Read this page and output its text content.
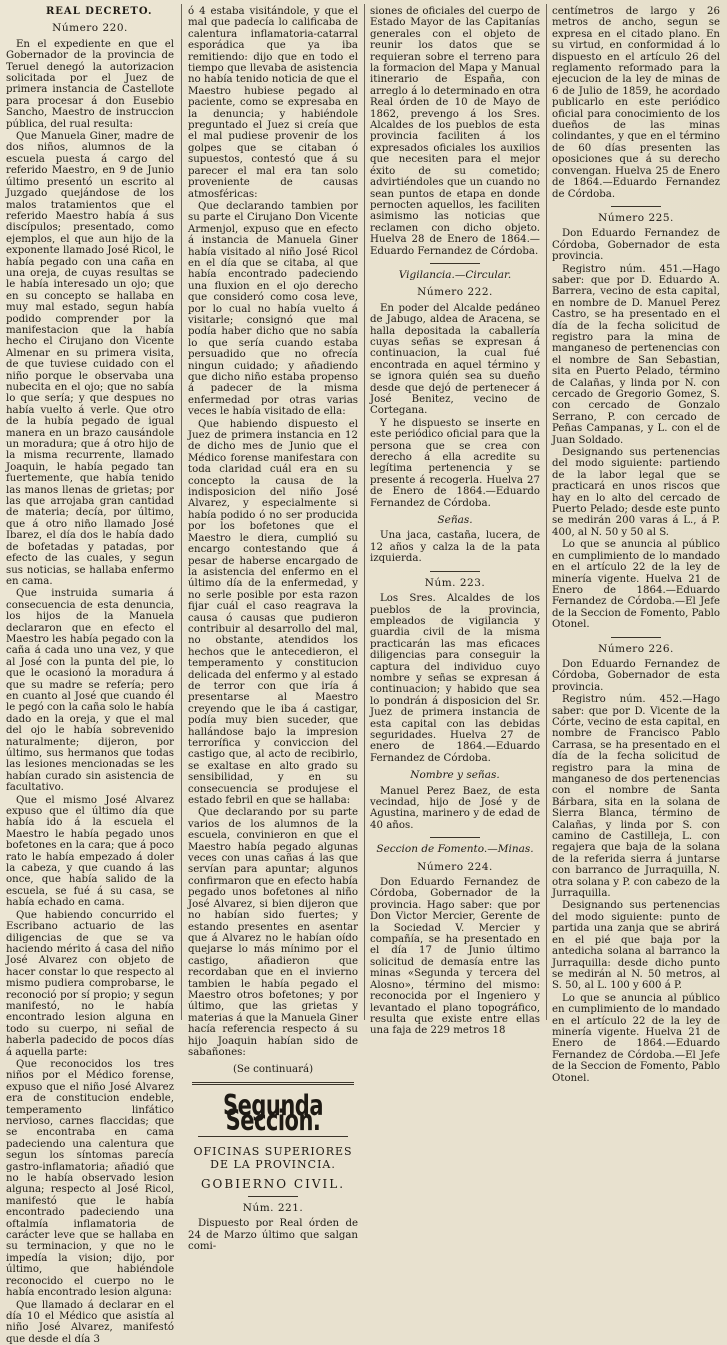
REAL DECRETO.
Número 220.

En el expediente en que el Gobernador de la provincia de Teruel denegó la autorizacion solicitada por el Juez de primera instancia de Castellote para procesar á don Eusebio Sancho, Maestro de instruccion pública, del rual resulta:

Que Manuela Giner, madre de dos niños, alumnos de la escuela puesta á cargo del referido Maestro, en 9 de Junio último presentó un escrito al Juzgado quejándose de los malos tratamientos que el referido Maestro había á sus discípulos; presentado, como ejemplos, el que aun hijo de la exponente llamado José Ricol, le había pegado con una caña en una oreja, de cuyas resultas se le había interesado un ojo; que en su concepto se hallaba en muy mal estado, segun había podido comprender por la manifestacion que la había hecho el Cirujano don Vicente Almenar en su primera visita, de que tuviese cuidado con el niño porque le observaba una nubecita en el ojo; que no sabía lo que sería; y que despues no había vuelto á verle. Que otro de la hubía pegado de igual manera en un brazo causándole un moradura; que á otro hijo de la misma recurrente, llamado Joaquin, le había pegado tan fuertemente, que había tenido las manos llenas de grietas; por las que arrojaba gran cantidad de materia; decía, por último, que á otro niño llamado José Ibarez, el día dos le había dado de bofetadas y patadas, por efecto de las cuales, y segun sus noticias, se hallaba enfermo en cama.

Que instruida sumaria á consecuencia de esta denuncia, los hijos de la Manuela declararon que en efecto el Maestro les había pegado con la caña á cada uno una vez, y que al José con la punta del pie, lo que le ocasionó la moradura á que su madre se refería; pero en cuanto al José que cuando él le pegó con la caña solo le había dado en la oreja, y que el mal del ojo le había sobrevenido naturalmente; dijeron, por último, sus hermanos que todas las lesiones mencionadas se les habían curado sin asistencia de facultativo.

Que el mismo José Alvarez expuso que el último día que había ido á la escuela el Maestro le había pegado unos bofetones en la cara; que á poco rato le había empezado á doler la cabeza, y que cuando á las once, que había salido de la escuela, se fué á su casa, se había echado en cama.

Que habiendo concurrido el Escribano actuario de las diligencias de que se va haciendo mérito á casa del niño José Alvarez con objeto de hacer constar lo que respecto al mismo pudiera comprobarse, le reconoció por sí propio; y segun manifestó, no le había encontrado lesion alguna en todo su cuerpo, ni señal de haberla padecido de pocos días á aquella parte:

Que reconocidos los tres niños por el Médico forense, expuso que el niño José Alvarez era de constitucion endeble, temperamento linfático nervioso, carnes flaccidas; que se encontraba en cama padeciendo una calentura que segun los síntomas parecía gastro-inflamatoria; añadió que no le había observado lesion alguna; respecto al José Ricol, manifestó que le había encontrado padeciendo una oftalmía inflamatoria de carácter leve que se hallaba en su terminacion, y que no le impedía la vision; dijo, por último, que habiéndole reconocido el cuerpo no le había encontrado lesion alguna:

Que llamado á declarar en el día 10 el Médico que asistía al niño José Alvarez, manifestó que desde el día 3

ó 4 estaba visitándole, y que el mal que padecía lo calificaba de calentura inflamatoria-catarral esporádica que ya iba remitiendo: dijo que en todo el tiempo que llevaba de asistencia no había tenido noticia de que el Maestro hubiese pegado al paciente, como se expresaba en la denuncia; y habiéndole preguntado el Juez si creía que el mal pudiese provenir de los golpes que se citaban ó supuestos, contestó que á su parecer el mal era tan solo proveniente de causas atmosféricas:

Que declarando tambien por su parte el Cirujano Don Vicente Armenjol, expuso que en efecto á instancia de Manuela Giner había visitado al niño José Ricol en el día que se citaba, al que había encontrado padeciendo una fluxion en el ojo derecho que consideró como cosa leve, por lo cual no había vuelto á visitarle; consignó que mal podía haber dicho que no sabía lo que sería cuando estaba persuadido que no ofrecía ningun cuidado; y añadiendo que dicho niño estaba propenso á padecer de la misma enfermedad por otras varias veces le había visitado de ella:

Que habiendo dispuesto el Juez de primera instancia en 12 de dicho mes de Junio que el Médico forense manifestara con toda claridad cuál era en su concepto la causa de la indisposicion del niño José Alvarez, y especialmente si había podido ó no ser producida por los bofetones que el Maestro le diera, cumplió su encargo contestando que á pesar de haberse encargado de la asistencia del enfermo en el último día de la enfermedad, y no serle posible por esta razon fijar cuál el caso reagrava la causa ó causas que pudieron contribuir al desarrollo del mal, no obstante, atendidos los hechos que le antecedieron, el temperamento y constitucion delicada del enfermo y al estado de terror con que iría á presentarse al Maestro creyendo que le iba á castigar, podía muy bien suceder, que hallándose bajo la impresion terrorífica y conviccion del castigo que, al acto de recibirlo, se exaltase en alto grado su sensibilidad, y en su consecuencia se produjese el estado febril en que se hallaba:

Que declarando por su parte varios de los alumnos de la escuela, convinieron en que el Maestro había pegado algunas veces con unas cañas á las que servían para apuntar; algunos confirmaron que en efecto había pegado unos bofetones al niño José Alvarez, si bien dijeron que no habían sido fuertes; y estando presentes en asentar que á Alvarez no le habían oído quejarse lo más mínimo por el castigo, añadieron que recordaban que en el invierno tambien le había pegado el Maestro otros bofetones; y por último, que las grietas y materias á que la Manuela Giner hacía referencia respecto á su hijo Joaquin habían sido de sabañones:

(Se continuará)
Segunda Seccion.
OFICINAS SUPERIORES DE LA PROVINCIA.
GOBIERNO CIVIL.
Núm. 221.

Dispuesto por Real órden de 24 de Marzo último que salgan comi-

siones de oficiales del cuerpo de Estado Mayor de las Capitanías generales con el objeto de reunir los datos que se requieran sobre el terreno para la formacion del Mapa y Manual itinerario de España, con arreglo á lo determinado en otra Real órden de 10 de Mayo de 1862, prevengo á los Sres. Alcaldes de los pueblos de esta provincia faciliten á los expresados oficiales los auxilios que necesiten para el mejor éxito de su cometido; advirtiéndoles que un cuando no sean puntos de etapa en donde pernocten aquellos, les faciliten asimismo las noticias que reclamen con dicho objeto. Huelva 28 de Enero de 1864.—Eduardo Fernandez de Córdoba.

Vigilancia.—Circular.
Número 222.

En poder del Alcalde pedáneo de Jabugo, aldea de Aracena, se halla depositada la caballería cuyas señas se expresan á continuacion, la cual fué encontrada en aquel término y se ignora quién sea su dueño desde que dejó de pertenecer á José Benitez, vecino de Cortegana.

Y he dispuesto se inserte en este periódico oficial para que la persona que se crea con derecho á ella acredite su legítima pertenencia y se presente á recogerla. Huelva 27 de Enero de 1864.—Eduardo Fernandez de Córdoba.

Señas.

Una jaca, castaña, lucera, de 12 años y calza la de la pata izquierda.

Núm. 223.

Los Sres. Alcaldes de los pueblos de la provincia, empleados de vigilancia y guardia civil de la misma practicarán las mas eficaces diligencias para conseguir la captura del individuo cuyo nombre y señas se expresan á continuacion; y habido que sea lo pondrán á disposicion del Sr. Juez de primera instancia de esta capital con las debidas seguridades. Huelva 27 de enero de 1864.—Eduardo Fernandez de Córdoba.

Nombre y señas.

Manuel Perez Baez, de esta vecindad, hijo de José y de Agustina, marinero y de edad de 40 años.

Seccion de Fomento.—Minas.
Número 224.

Don Eduardo Fernandez de Córdoba, Gobernador de la provincia. Hago saber: que por Don Victor Mercier, Gerente de la Sociedad V. Mercier y compañía, se ha presentado en el día 17 de Junio último solicitud de demasía entre las minas «Segunda y tercera del Alosno», término del mismo: reconocida por el Ingeniero y levantado el plano topográfico, resulta que existe entre ellas una faja de 229 metros 18

centímetros de largo y 26 metros de ancho, segun se expresa en el citado plano. En su virtud, en conformidad á lo dispuesto en el artículo 26 del reglamento reformado para la ejecucion de la ley de minas de 6 de Julio de 1859, he acordado publicarlo en este periódico oficial para conocimiento de los dueños de las minas colindantes, y que en el término de 60 días presenten las oposiciones que á su derecho convengan. Huelva 25 de Enero de 1864.—Eduardo Fernandez de Córdoba.

Número 225.

Don Eduardo Fernandez de Córdoba, Gobernador de esta provincia.

Registro núm. 451.—Hago saber: que por D. Eduardo A. Barrera, vecino de esta capital, en nombre de D. Manuel Perez Castro, se ha presentado en el día de la fecha solicitud de registro para la mina de manganeso de pertenencias con el nombre de San Sebastian, sita en Puerto Pelado, término de Calañas, y linda por N. con cercado de Gregorio Gomez, S. con cercado de Gonzalo Serrano, P. con cercado de Peñas Campanas, y L. con el de Juan Soldado.

Designando sus pertenencias del modo siguiente: partiendo de la labor legal que se practicará en unos riscos que hay en lo alto del cercado de Puerto Pelado; desde este punto se medirán 200 varas á L., á P. 400, al N. 50 y 50 al S.

Lo que se anuncia al público en cumplimiento de lo mandado en el artículo 22 de la ley de minería vigente. Huelva 21 de Enero de 1864.—Eduardo Fernandez de Córdoba.—El Jefe de la Seccion de Fomento, Pablo Otonel.

Número 226.

Don Eduardo Fernandez de Córdoba, Gobernador de esta provincia.

Registro núm. 452.—Hago saber: que por D. Vicente de la Córte, vecino de esta capital, en nombre de Francisco Pablo Carrasa, se ha presentado en el día de la fecha solicitud de registro para la mina de manganeso de dos pertenencias con el nombre de Santa Bárbara, sita en la solana de Sierra Blanca, término de Calañas, y linda por S. con camino de Castilleja, L. con regajera que baja de la solana de la referida sierra á juntarse con barranco de Jurraquilla, N. otra solana y P. con cabezo de la Jurraquilla.

Designando sus pertenencias del modo siguiente: punto de partida una zanja que se abrirá en el pié que baja por la antedicha solana al barranco la Jurraquilla: desde dicho punto se medirán al N. 50 metros, al S. 50, al L. 100 y 600 á P.

Lo que se anuncia al público en cumplimiento de lo mandado en el artículo 22 de la ley de minería vigente. Huelva 21 de Enero de 1864.—Eduardo Fernandez de Córdoba.—El Jefe de la Seccion de Fomento, Pablo Otonel.
